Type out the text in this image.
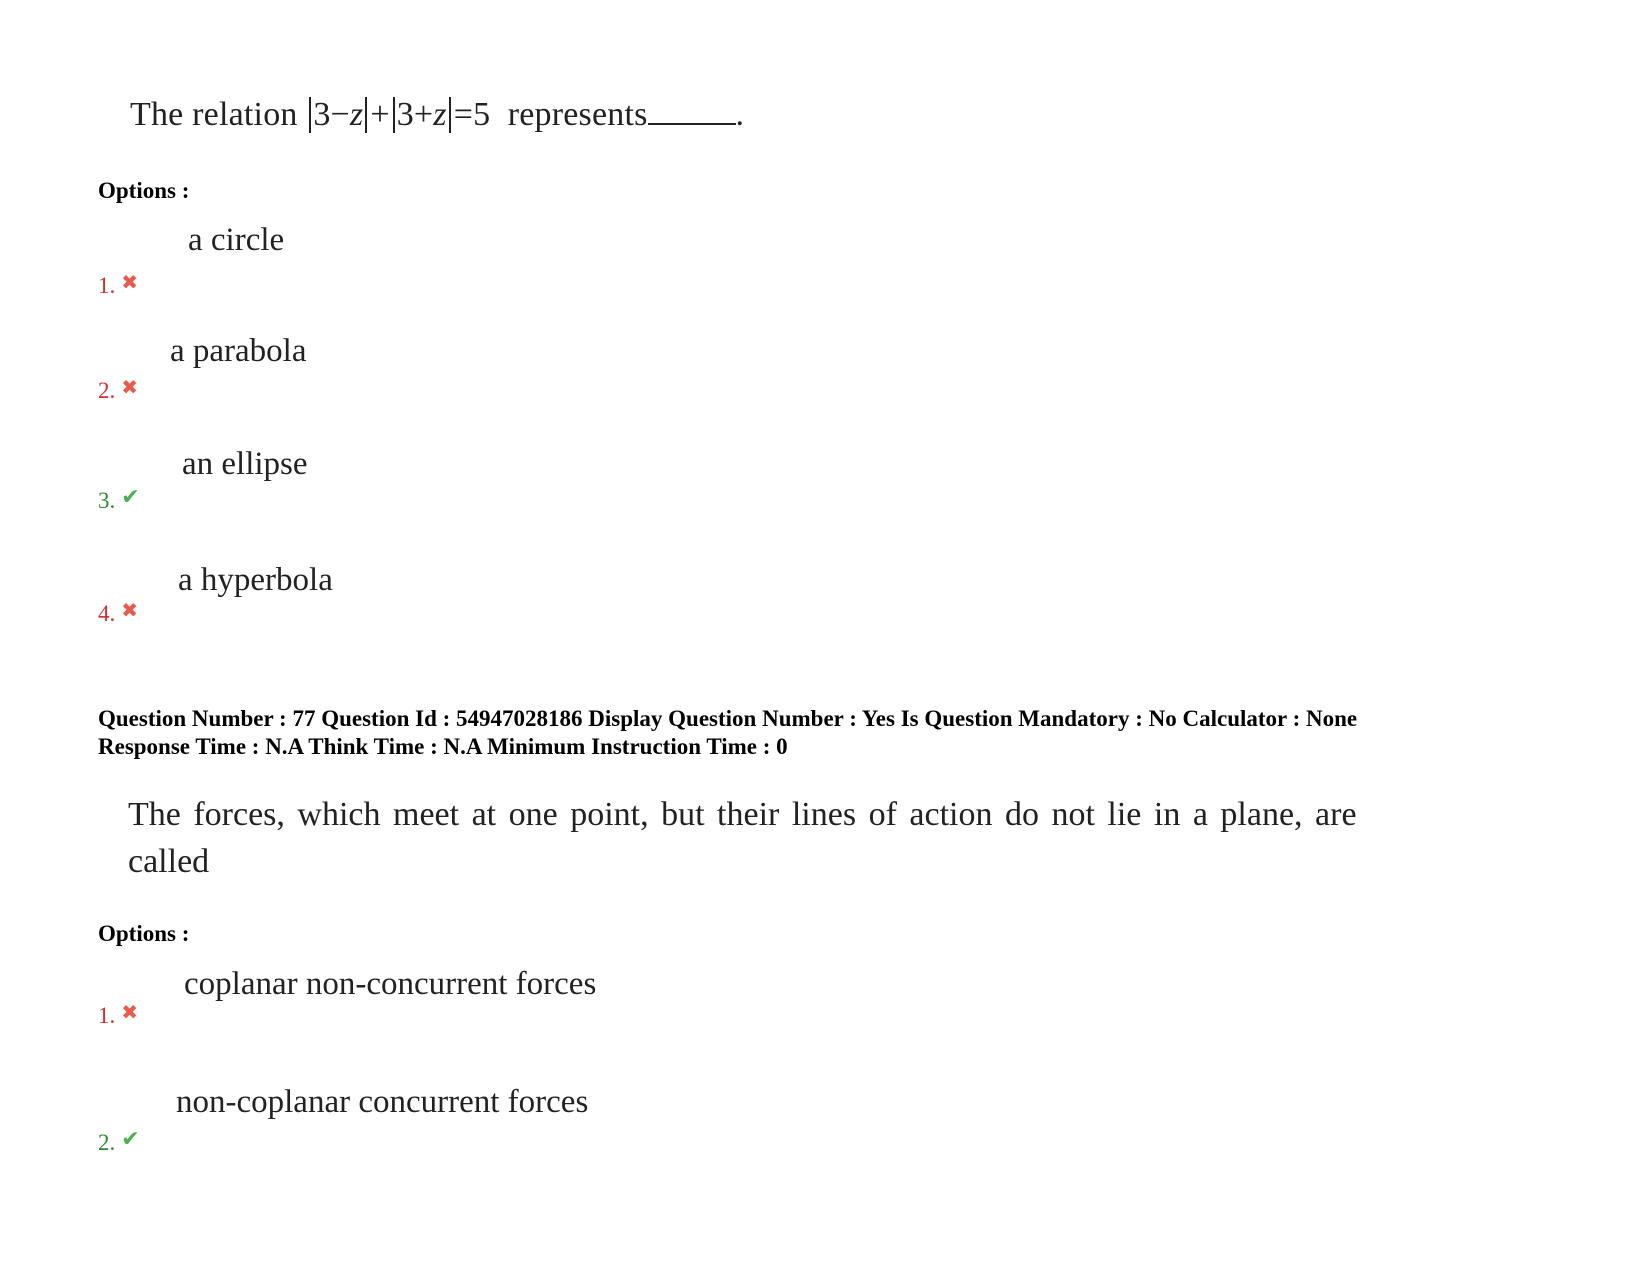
The relation 3−z + 3+z =5 represents	.
Options :
a circle
1. ✖
a parabola
2. ✖
an ellipse
3. ✔
a hyperbola
4. ✖
Question Number : 77 Question Id : 54947028186 Display Question Number : Yes Is Question Mandatory : No Calculator : None
Response Time : N.A Think Time : N.A Minimum Instruction Time : 0
The forces, which meet at one point, but their lines of action do not lie in a plane, are
called
Options :
coplanar non-concurrent forces
1. ✖
non-coplanar concurrent forces
2. ✔
